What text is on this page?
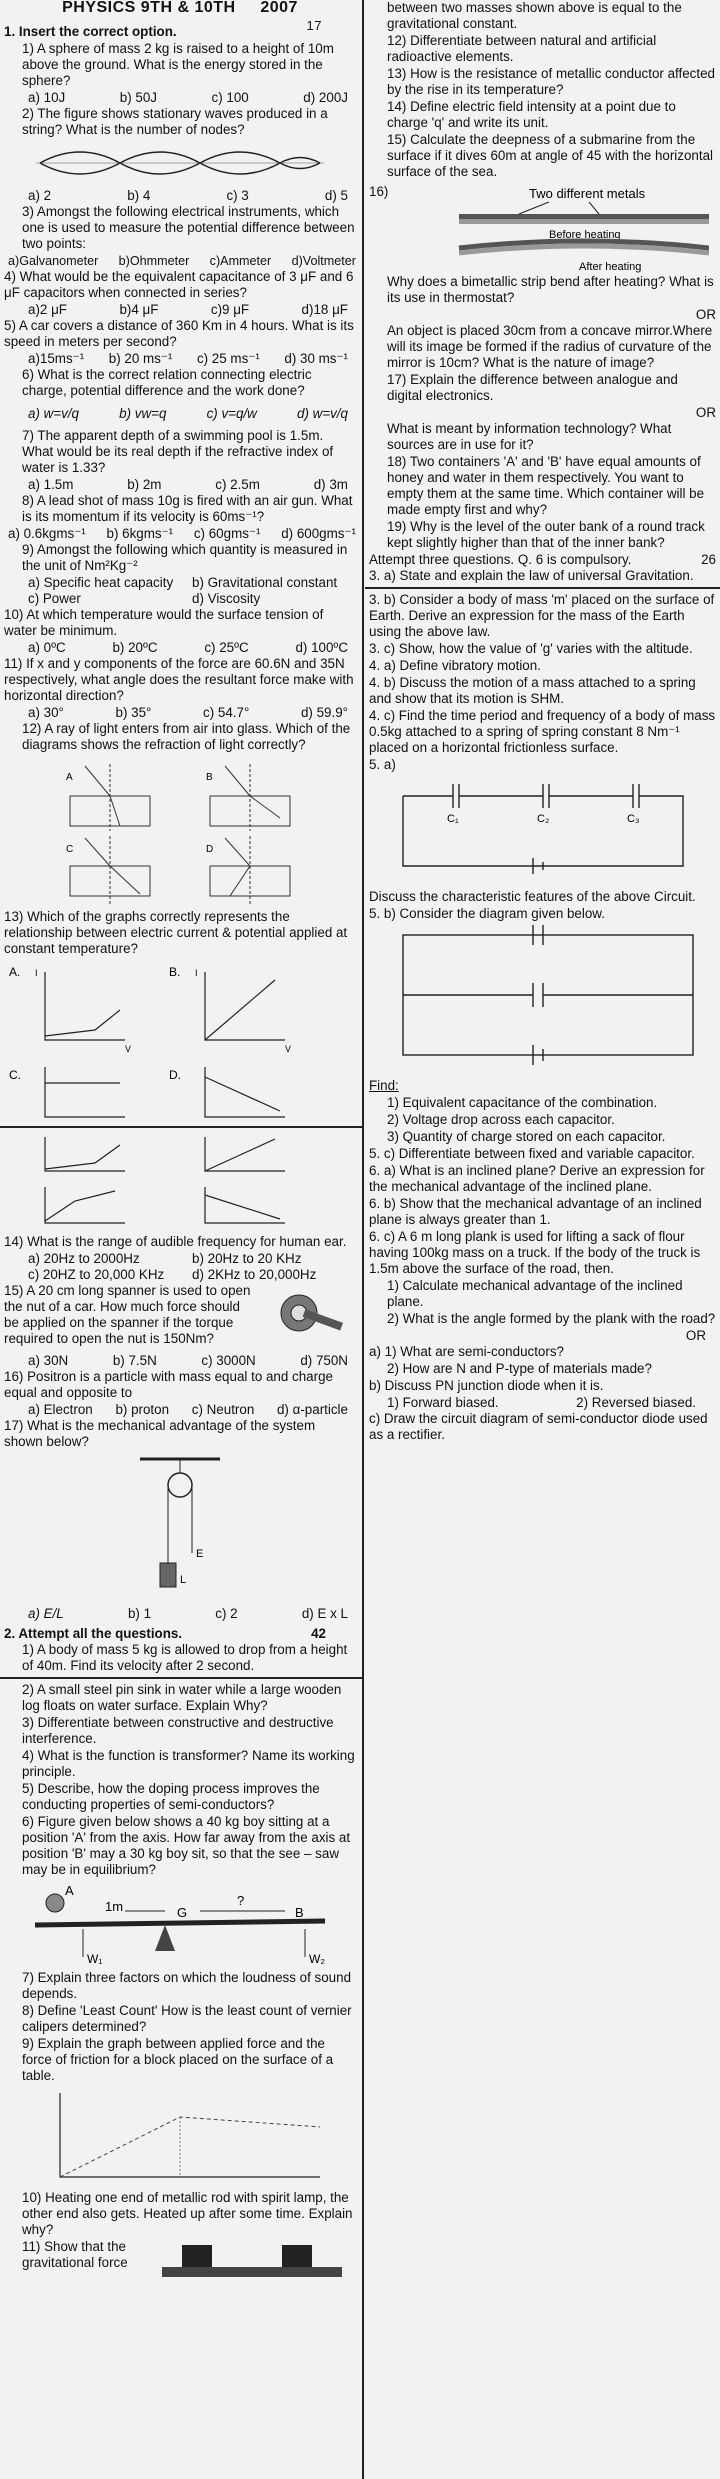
PHYSICS 9TH & 10TH 2007
17
1. Insert the correct option.
1) A sphere of mass 2 kg is raised to a height of 10m above the ground. What is the energy stored in the sphere?
a) 10J	b) 50J	c) 100	d) 200J
2) The figure shows stationary waves produced in a string? What is the number of nodes?
a) 2	b) 4	c) 3	d) 5
3) Amongst the following electrical instruments, which one is used to measure the potential difference between two points:
a)Galvanometer b)Ohmmeter c)Ammeter d)Voltmeter
4) What would be the equivalent capacitance of 3 μF and 6 μF capacitors when connected in series?
a)2 μF	b)4 μF	c)9 μF	d)18 μF
5) A car covers a distance of 360 Km in 4 hours. What is its speed in meters per second?
a)15ms⁻¹ b) 20 ms⁻¹ c) 25 ms⁻¹ d) 30 ms⁻¹
6) What is the correct relation connecting electric charge, potential difference and the work done?
a) w=v/q	b) vw=q	c) v=q/w	d) w=v/q
7) The apparent depth of a swimming pool is 1.5m. What would be its real depth if the refractive index of water is 1.33?
a) 1.5m	b) 2m	c) 2.5m	d) 3m
8) A lead shot of mass 10g is fired with an air gun. What is its momentum if its velocity is 60ms⁻¹?
a) 0.6kgms⁻¹ b) 6kgms⁻¹ c) 60gms⁻¹ d) 600gms⁻¹
9) Amongst the following which quantity is measured in the unit of Nm²Kg⁻²
a) Specific heat capacity	b) Gravitational constant
c) Power	d) Viscosity
10) At which temperature would the surface tension of water be minimum.
a) 0ºC	b) 20ºC	c) 25ºC	d) 100ºC
11) If x and y components of the force are 60.6N and 35N respectively, what angle does the resultant force make with horizontal direction?
a) 30°	b) 35°	c) 54.7°	d) 59.9°
12) A ray of light enters from air into glass. Which of the diagrams shows the refraction of light correctly?
A	B
C	D
13) Which of the graphs correctly represents the relationship between electric current & potential applied at constant temperature?
A.	B.
I
V
I
V
C.	D.
14) What is the range of audible frequency for human ear.
a) 20Hz to 2000Hz	b) 20Hz to 20 KHz
c) 20HZ to 20,000 KHz	d) 2KHz to 20,000Hz
15) A 20 cm long spanner is used to open the nut of a car. How much force should be applied on the spanner if the torque required to open the nut is 150Nm?
a) 30N	b) 7.5N	c) 3000N	d) 750N
16) Positron is a particle with mass equal to and charge equal and opposite to
a) Electron b) proton c) Neutron d) α-particle
17) What is the mechanical advantage of the system shown below?
E
L
a) E/L	b) 1	c) 2	d) E x L
2. Attempt all the questions.	42
1) A body of mass 5 kg is allowed to drop from a height of 40m. Find its velocity after 2 second.
2) A small steel pin sink in water while a large wooden log floats on water surface. Explain Why?
3) Differentiate between constructive and destructive interference.
4) What is the function is transformer? Name its working principle.
5) Describe, how the doping process improves the conducting properties of semi-conductors?
6) Figure given below shows a 40 kg boy sitting at a position 'A' from the axis. How far away from the axis at position 'B' may a 30 kg boy sit, so that the see – saw may be in equilibrium?
A
1m	G
?
B
W₁	W₂
7) Explain three factors on which the loudness of sound depends.
8) Define 'Least Count' How is the least count of vernier calipers determined?
9) Explain the graph between applied force and the force of friction for a block placed on the surface of a table.
10) Heating one end of metallic rod with spirit lamp, the other end also gets. Heated up after some time. Explain why?
11) Show that the gravitational force
between two masses shown above is equal to the gravitational constant.
12) Differentiate between natural and artificial radioactive elements.
13) How is the resistance of metallic conductor affected by the rise in its temperature?
14) Define electric field intensity at a point due to charge 'q' and write its unit.
15) Calculate the deepness of a submarine from the surface if it dives 60m at angle of 45 with the horizontal surface of the sea.
16)	Two different metals
Before heating
After heating
Why does a bimetallic strip bend after heating? What is its use in thermostat?
OR
An object is placed 30cm from a concave mirror.Where will its image be formed if the radius of curvature of the mirror is 10cm? What is the nature of image?
17) Explain the difference between analogue and digital electronics.
OR
What is meant by information technology? What sources are in use for it?
18) Two containers 'A' and 'B' have equal amounts of honey and water in them respectively. You want to empty them at the same time. Which container will be made empty first and why?
19) Why is the level of the outer bank of a round track kept slightly higher than that of the inner bank?
Attempt three questions. Q. 6 is compulsory.	26
3. a) State and explain the law of universal Gravitation.
3. b) Consider a body of mass 'm' placed on the surface of Earth. Derive an expression for the mass of the Earth using the above law.
3. c) Show, how the value of 'g' varies with the altitude.
4. a) Define vibratory motion.
4. b) Discuss the motion of a mass attached to a spring and show that its motion is SHM.
4. c) Find the time period and frequency of a body of mass 0.5kg attached to a spring of spring constant 8 Nm⁻¹ placed on a horizontal frictionless surface.
5. a)
C₁	C₂	C₃
Discuss the characteristic features of the above Circuit.
5. b) Consider the diagram given below.
Find:
1) Equivalent capacitance of the combination.
2) Voltage drop across each capacitor.
3) Quantity of charge stored on each capacitor.
5. c) Differentiate between fixed and variable capacitor.
6. a) What is an inclined plane? Derive an expression for the mechanical advantage of the inclined plane.
6. b) Show that the mechanical advantage of an inclined plane is always greater than 1.
6. c) A 6 m long plank is used for lifting a sack of flour having 100kg mass on a truck. If the body of the truck is 1.5m above the surface of the road, then.
1) Calculate mechanical advantage of the inclined plane.
2) What is the angle formed by the plank with the road?
OR
a) 1) What are semi-conductors?
2) How are N and P-type of materials made?
b) Discuss PN junction diode when it is.
1) Forward biased.	2) Reversed biased.
c) Draw the circuit diagram of semi-conductor diode used as a rectifier.
